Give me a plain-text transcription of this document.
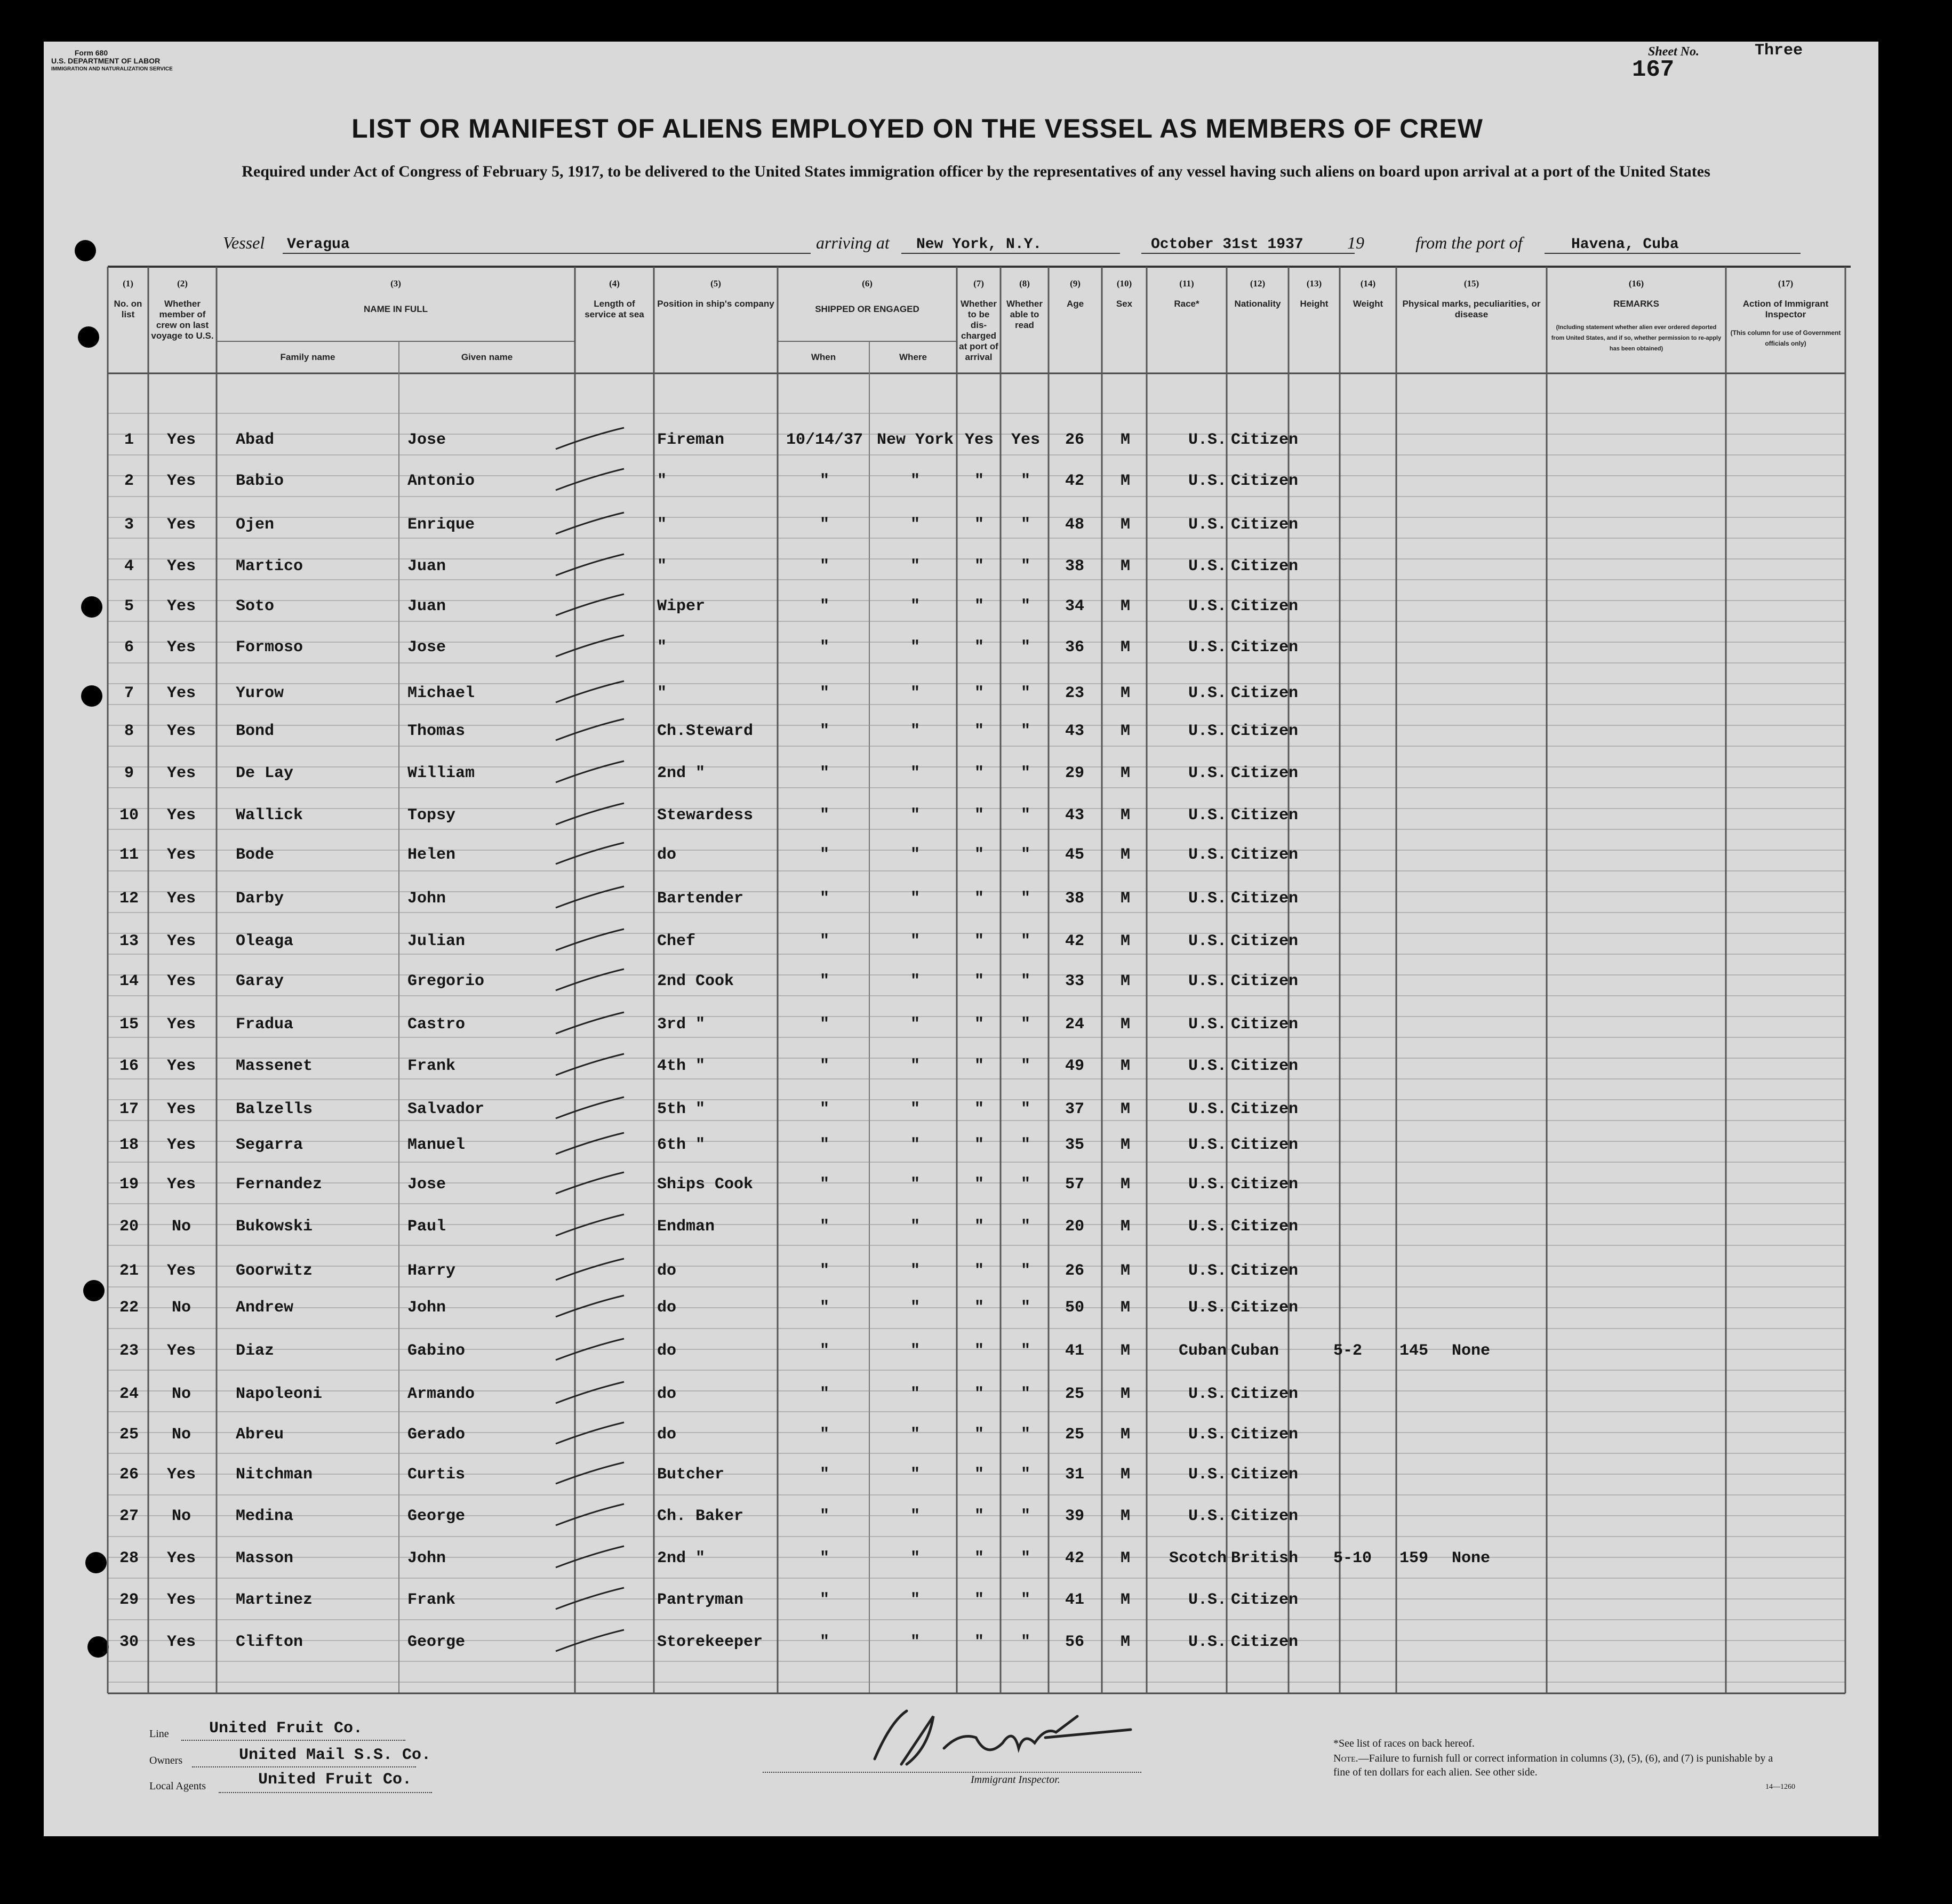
Form 680
U.S. DEPARTMENT OF LABOR
IMMIGRATION AND NATURALIZATION SERVICE
Sheet No.	Three
167
LIST OR MANIFEST OF ALIENS EMPLOYED ON THE VESSEL AS MEMBERS OF CREW
Required under Act of Congress of February 5, 1917, to be delivered to the United States immigration officer by the representatives of any vessel having such aliens on board upon arrival at a port of the United States
Vessel Veragua	arriving at New York, N.Y.	October 31st 1937	19	from the port of	Havena, Cuba
(1)
No. on list
(2)
Whether member of crew on last voyage to U.S.
(3)
NAME IN FULL
(4)
Length of service at sea
(5)
Position in ship's company
(6)
SHIPPED OR ENGAGED
(7)
Whether to be dis- charged at port of arrival
(8)
Whether able to read
(9)
Age
(10)
Sex
(11)
Race*
(12)
Nationality
(13)
Height
(14)
Weight
(15)
Physical marks, peculiarities, or disease
(16)
REMARKS
(17)
Action of Immigrant Inspector
Family name	Given name	When	Where
(Including statement whether alien ever ordered deported from United States, and if so, whether permission to re-apply has been obtained)
(This column for use of Government officials only)
1	Yes	Abad	Jose	Fireman	10/14/37 New York Yes	Yes	26	M	U.S. Citizen
2	Yes	Babio	Antonio	"	"	"	"	"	42	M	U.S. Citizen
3	Yes	Ojen	Enrique	"	"	"	"	"	48	M	U.S. Citizen
4	Yes	Martico	Juan	"	"	"	"	"	38	M	U.S. Citizen
5	Yes	Soto	Juan	Wiper	"	"	"	"	34	M	U.S. Citizen
6	Yes	Formoso	Jose	"	"	"	"	"	36	M	U.S. Citizen
7	Yes	Yurow	Michael	"	"	"	"	"	23	M	U.S. Citizen
8	Yes	Bond	Thomas	Ch.Steward	"	"	"	"	43	M	U.S. Citizen
9	Yes	De Lay	William	2nd "	"	"	"	"	29	M	U.S. Citizen
10	Yes	Wallick	Topsy	Stewardess	"	"	"	"	43	M	U.S. Citizen
11	Yes	Bode	Helen	do	"	"	"	"	45	M	U.S. Citizen
12	Yes	Darby	John	Bartender	"	"	"	"	38	M	U.S. Citizen
13	Yes	Oleaga	Julian	Chef	"	"	"	"	42	M	U.S. Citizen
14	Yes	Garay	Gregorio	2nd Cook	"	"	"	"	33	M	U.S. Citizen
15	Yes	Fradua	Castro	3rd "	"	"	"	"	24	M	U.S. Citizen
16	Yes	Massenet	Frank	4th "	"	"	"	"	49	M	U.S. Citizen
17	Yes	Balzells	Salvador	5th "	"	"	"	"	37	M	U.S. Citizen
18	Yes	Segarra	Manuel	6th "	"	"	"	"	35	M	U.S. Citizen
19	Yes	Fernandez	Jose	Ships Cook	"	"	"	"	57	M	U.S. Citizen
20	No	Bukowski	Paul	Endman	"	"	"	"	20	M	U.S. Citizen
21	Yes	Goorwitz	Harry	do	"	"	"	"	26	M	U.S. Citizen
22	No	Andrew	John	do	"	"	"	"	50	M	U.S. Citizen
23	Yes	Diaz	Gabino	do	"	"	"	"	41	M	Cuban Cuban	5-2	145	None
24	No	Napoleoni	Armando	do	"	"	"	"	25	M	U.S. Citizen
25	No	Abreu	Gerado	do	"	"	"	"	25	M	U.S. Citizen
26	Yes	Nitchman	Curtis	Butcher	"	"	"	"	31	M	U.S. Citizen
27	No	Medina	George	Ch. Baker	"	"	"	"	39	M	U.S. Citizen
28	Yes	Masson	John	2nd "	"	"	"	"	42	M	Scotch British	5-10	159	None
29	Yes	Martinez	Frank	Pantryman	"	"	"	"	41	M	U.S. Citizen
30	Yes	Clifton	George	Storekeeper	"	"	"	"	56	M	U.S. Citizen
Line	United Fruit Co.
Owners	United Mail S.S. Co.
Local Agents	United Fruit Co.	Immigrant Inspector.
*See list of races on back hereof.
Note.—Failure to furnish full or correct information in columns (3), (5), (6), and (7) is punishable by a fine of ten dollars for each alien. See other side.
14—1260
